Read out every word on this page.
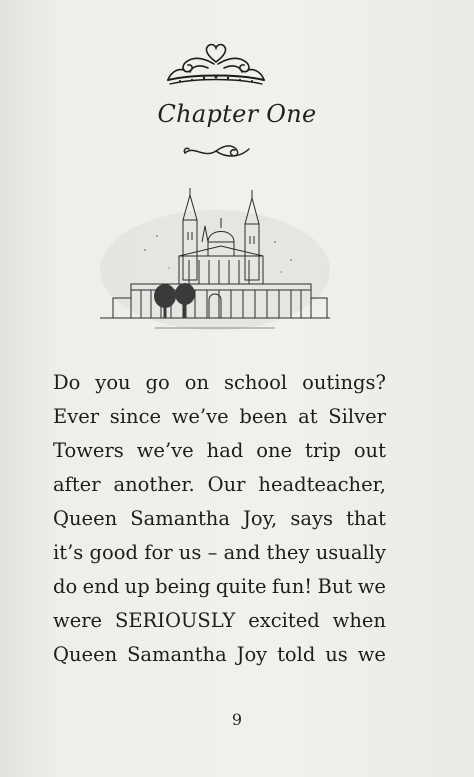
Chapter One
Do you go on school outings?
Ever since we’ve been at Silver
Towers we’ve had one trip out
after another. Our headteacher,
Queen Samantha Joy, says that
it’s good for us – and they usually
do end up being quite fun! But we
were SERIOUSLY excited when
Queen Samantha Joy told us we
9
